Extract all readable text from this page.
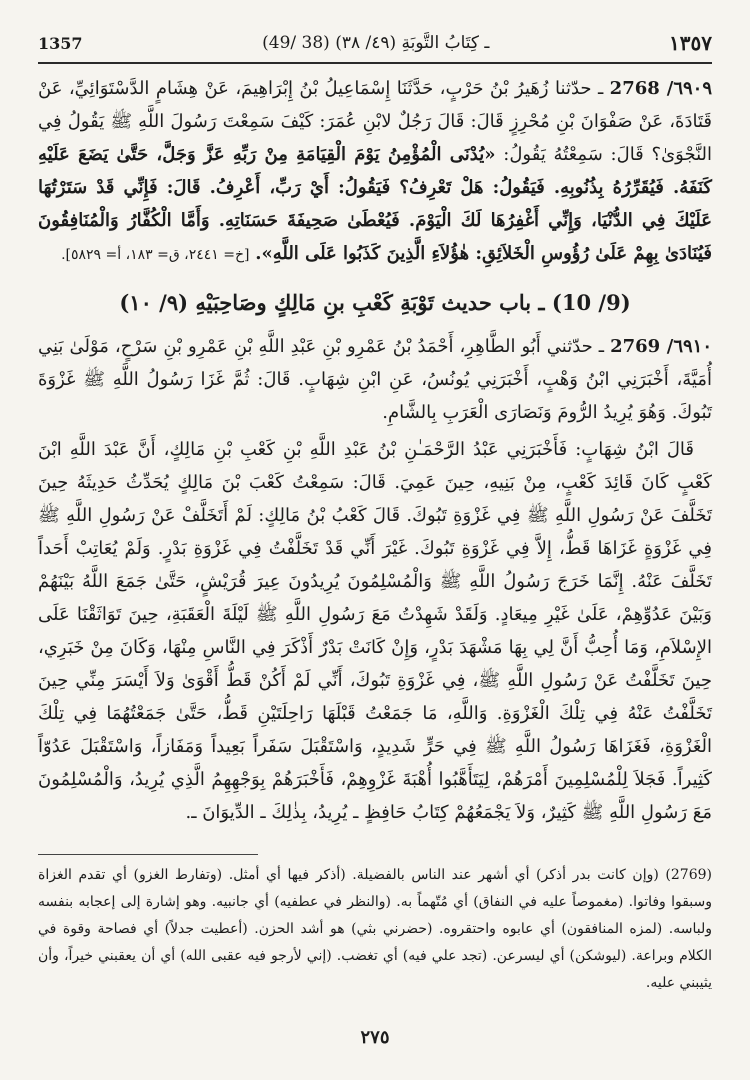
1357	(49/ 38) ـ كِتَابُ التَّوبَةِ (٤٩/ ٣٨)	١٣٥٧

٦٩٠٩/ 2768 ـ حدّثنا زُهَيرُ بْنُ حَرْبٍ، حَدَّثَنَا إِسْمَاعِيلُ بْنُ إِبْرَاهِيمَ، عَنْ هِشَامٍ الدَّسْتَوَائِيِّ، عَنْ قَتَادَةَ، عَنْ صَفْوَانَ بْنِ مُحْرِزٍ قَالَ: قَالَ رَجُلٌ لابْنِ عُمَرَ: كَيْفَ سَمِعْتَ رَسُولَ اللَّهِ ﷺ يَقُولُ فِي النَّجْوَىٰ؟ قَالَ: سَمِعْتُهُ يَقُولُ: «يُدْنَى الْمُؤْمِنُ يَوْمَ الْقِيَامَةِ مِنْ رَبِّهِ عَزَّ وَجَلَّ، حَتَّىٰ يَضَعَ عَلَيْهِ كَنَفَهُ. فَيُقَرِّرُهُ بِذُنُوبِهِ. فَيَقُولُ: هَلْ تَعْرِفُ؟ فَيَقُولُ: أَيْ رَبِّ، أَعْرِفُ. قَالَ: فَإِنِّي قَدْ سَتَرْتُهَا عَلَيْكَ فِي الدُّنْيَا، وَإِنِّي أَغْفِرُهَا لَكَ الْيَوْمَ. فَيُعْطَىٰ صَحِيفَةَ حَسَنَاتِهِ. وَأَمَّا الْكُفَّارُ وَالْمُنَافِقُونَ فَيُنَادَىٰ بِهِمْ عَلَىٰ رُؤُوسِ الْخَلاَئِقِ: هٰؤُلاَءِ الَّذِينَ كَذَبُوا عَلَى اللَّهِ». [خ= ٢٤٤١، ق= ١٨٣، أ= ٥٨٢٩].

(9/ 10) ـ باب حديث تَوْبَةِ كَعْبِ بنِ مَالِكٍ وصَاحِبَيْهِ (٩/ ١٠)

٦٩١٠/ 2769 ـ حدّثني أَبُو الطَّاهِرِ، أَحْمَدُ بْنُ عَمْرِو بْنِ عَبْدِ اللَّهِ بْنِ عَمْرِو بْنِ سَرْحٍ، مَوْلَىٰ بَنِي أُمَيَّةَ، أَخْبَرَنِي ابْنُ وَهْبٍ، أَخْبَرَنِي يُونُسُ، عَنِ ابْنِ شِهَابٍ. قَالَ: ثُمَّ غَزَا رَسُولُ اللَّهِ ﷺ غَزْوَةَ تَبُوكَ. وَهُوَ يُرِيدُ الرُّومَ وَنَصَارَى الْعَرَبِ بِالشَّامِ.

قَالَ ابْنُ شِهَابٍ: فَأَخْبَرَنِي عَبْدُ الرَّحْمَـٰنِ بْنُ عَبْدِ اللَّهِ بْنِ كَعْبِ بْنِ مَالِكٍ، أَنَّ عَبْدَ اللَّهِ ابْنَ كَعْبٍ كَانَ قَائِدَ كَعْبٍ، مِنْ بَنِيهِ، حِينَ عَمِيَ. قَالَ: سَمِعْتُ كَعْبَ بْنَ مَالِكٍ يُحَدِّثُ حَدِيثَهُ حِينَ تَخَلَّفَ عَنْ رَسُولِ اللَّهِ ﷺ فِي غَزْوَةِ تَبُوكَ. قَالَ كَعْبُ بْنُ مَالِكٍ: لَمْ أَتَخَلَّفْ عَنْ رَسُولِ اللَّهِ ﷺ فِي غَزْوَةٍ غَزَاهَا قَطُّ، إِلاَّ فِي غَزْوَةِ تَبُوكَ. غَيْرَ أَنِّي قَدْ تَخَلَّفْتُ فِي غَزْوَةِ بَدْرٍ. وَلَمْ يُعَاتِبْ أَحَداً تَخَلَّفَ عَنْهُ. إِنَّمَا خَرَجَ رَسُولُ اللَّهِ ﷺ وَالْمُسْلِمُونَ يُرِيدُونَ عِيرَ قُرَيْشٍ، حَتَّىٰ جَمَعَ اللَّهُ بَيْنَهُمْ وَبَيْنَ عَدُوِّهِمْ، عَلَىٰ غَيْرِ مِيعَادٍ. وَلَقَدْ شَهِدْتُ مَعَ رَسُولِ اللَّهِ ﷺ لَيْلَةَ الْعَقَبَةِ، حِينَ تَوَاثَقْنَا عَلَى الإِسْلاَمِ، وَمَا أُحِبُّ أَنَّ لِي بِهَا مَشْهَدَ بَدْرٍ، وَإِنْ كَانَتْ بَدْرٌ أَذْكَرَ فِي النَّاسِ مِنْهَا، وَكَانَ مِنْ خَبَرِي، حِينَ تَخَلَّفْتُ عَنْ رَسُولِ اللَّهِ ﷺ، فِي غَزْوَةِ تَبُوكَ، أَنِّي لَمْ أَكُنْ قَطُّ أَقْوَىٰ وَلاَ أَيْسَرَ مِنِّي حِينَ تَخَلَّفْتُ عَنْهُ فِي تِلْكَ الْغَزْوَةِ. وَاللَّهِ، مَا جَمَعْتُ قَبْلَهَا رَاحِلَتَيْنِ قَطُّ، حَتَّىٰ جَمَعْتُهُمَا فِي تِلْكَ الْغَزْوَةِ، فَغَزَاهَا رَسُولُ اللَّهِ ﷺ فِي حَرٍّ شَدِيدٍ، وَاسْتَقْبَلَ سَفَراً بَعِيداً وَمَفَازاً، وَاسْتَقْبَلَ عَدُوّاً كَثِيراً. فَجَلاَ لِلْمُسْلِمِينَ أَمْرَهُمْ، لِيَتَأَهَّبُوا أُهْبَةَ غَزْوِهِمْ، فَأَخْبَرَهُمْ بِوَجْهِهِمُ الَّذِي يُرِيدُ، وَالْمُسْلِمُونَ مَعَ رَسُولِ اللَّهِ ﷺ كَثِيرٌ، وَلاَ يَجْمَعُهُمْ كِتَابُ حَافِظٍ ـ يُرِيدُ، بِذٰلِكَ ـ الدِّيوَانَ ـ.

(2769) (وإن كانت بدر أذكر) أي أشهر عند الناس بالفضيلة. (أذكر فيها أي أمثل. (وتفارط الغزو) أي تقدم الغزاة وسبقوا وفاتوا. (مغموصاً عليه في النفاق) أي مُتّهماً به. (والنظر في عطفيه) أي جانبيه. وهو إشارة إلى إعجابه بنفسه ولباسه. (لمزه المنافقون) أي عابوه واحتقروه. (حضرني بثي) هو أشد الحزن. (أعطيت جدلاً) أي فصاحة وقوة في الكلام وبراعة. (ليوشكن) أي ليسرعن. (تجد علي فيه) أي تغضب. (إني لأرجو فيه عقبى الله) أي أن يعقبني خيراً، وأن يثيبني عليه.
٢٧٥
